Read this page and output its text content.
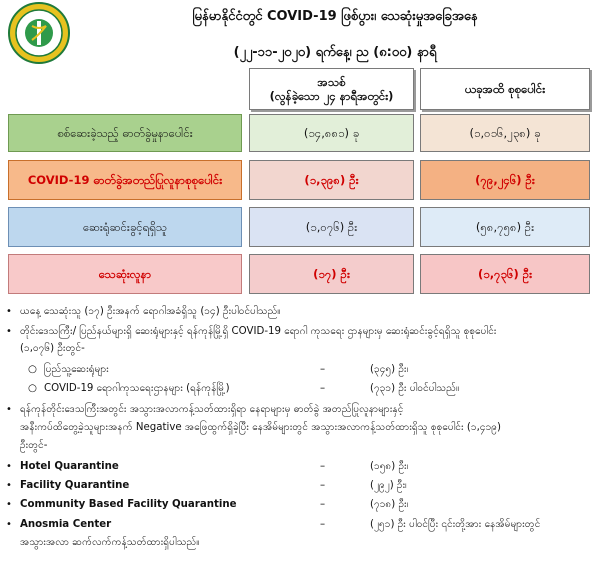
မြန်မာနိုင်ငံတွင် COVID-19 ဖြစ်ပွား၊ သေဆုံးမှုအခြေအနေ
(၂၂-၁၁-၂၀၂၀) ရက်နေ့၊ ည (၈:၀၀) နာရီ
အသစ်
(လွန်ခဲ့သော ၂၄ နာရီအတွင်း)
ယခုအထိ စုစုပေါင်း
စစ်ဆေးခဲ့သည့် ဓာတ်ခွဲမှုနာပေါင်း	(၁၄,၈၈၁) ခု	(၁,၀၁၆,၂၃၈) ခု
COVID-19 ဓာတ်ခွဲအတည်ပြုလူနာစုစုပေါင်း	(၁,၃၉၈) ဦး	(၇၉,၂၄၆) ဦး
ဆေးရုံဆင်းခွင့်ရရှိသူ	(၁,၀၇၆) ဦး	(၅၈,၇၅၈) ဦး
သေဆုံးလူနာ	(၁၇) ဦး	(၁,၇၃၆) ဦး
• ယနေ့ သေဆုံးသူ (၁၇) ဦးအနက် ရောဂါအခံရှိသူ (၁၄) ဦးပါဝင်ပါသည်။
• တိုင်းဒေသကြီး/ ပြည်နယ်များရှိ ဆေးရုံများနှင့် ရန်ကုန်မြို့ရှိ COVID-19 ရောဂါ ကုသရေး ဌာနများမှ ဆေးရုံဆင်းခွင့်ရရှိသူ စုစုပေါင်း
(၁,၀၇၆) ဦးတွင်-
○ ပြည်သူ့ဆေးရုံများ	–	(၃၄၅) ဦး၊
○ COVID-19 ရောဂါကုသရေးဌာနများ (ရန်ကုန်မြို့)	–	(၇၃၁) ဦး ပါဝင်ပါသည်။
• ရန်ကုန်တိုင်းဒေသကြီးအတွင်း အသွားအလာကန့်သတ်ထားရှိရာ နေရာများမှ ဓာတ်ခွဲ အတည်ပြုလူနာများနှင့်
အနီးကပ်ထိတွေ့ခဲ့သူများအနက် Negative အဖြေထွက်ရှိခဲ့ပြီး နေအိမ်များတွင် အသွားအလာကန့်သတ်ထားရှိသူ စုစုပေါင်း (၁,၄၁၉)
ဦးတွင်-
• Hotel Quarantine	–	(၁၅၈) ဦး၊
• Facility Quarantine	–	(၂၉၂) ဦး၊
• Community Based Facility Quarantine	–	(၇၁၈) ဦး၊
• Anosmia Center	–	(၂၅၁) ဦး ပါဝင်ပြီး ၎င်းတို့အား နေအိမ်များတွင်
အသွားအလာ ဆက်လက်ကန့်သတ်ထားရှိပါသည်။
